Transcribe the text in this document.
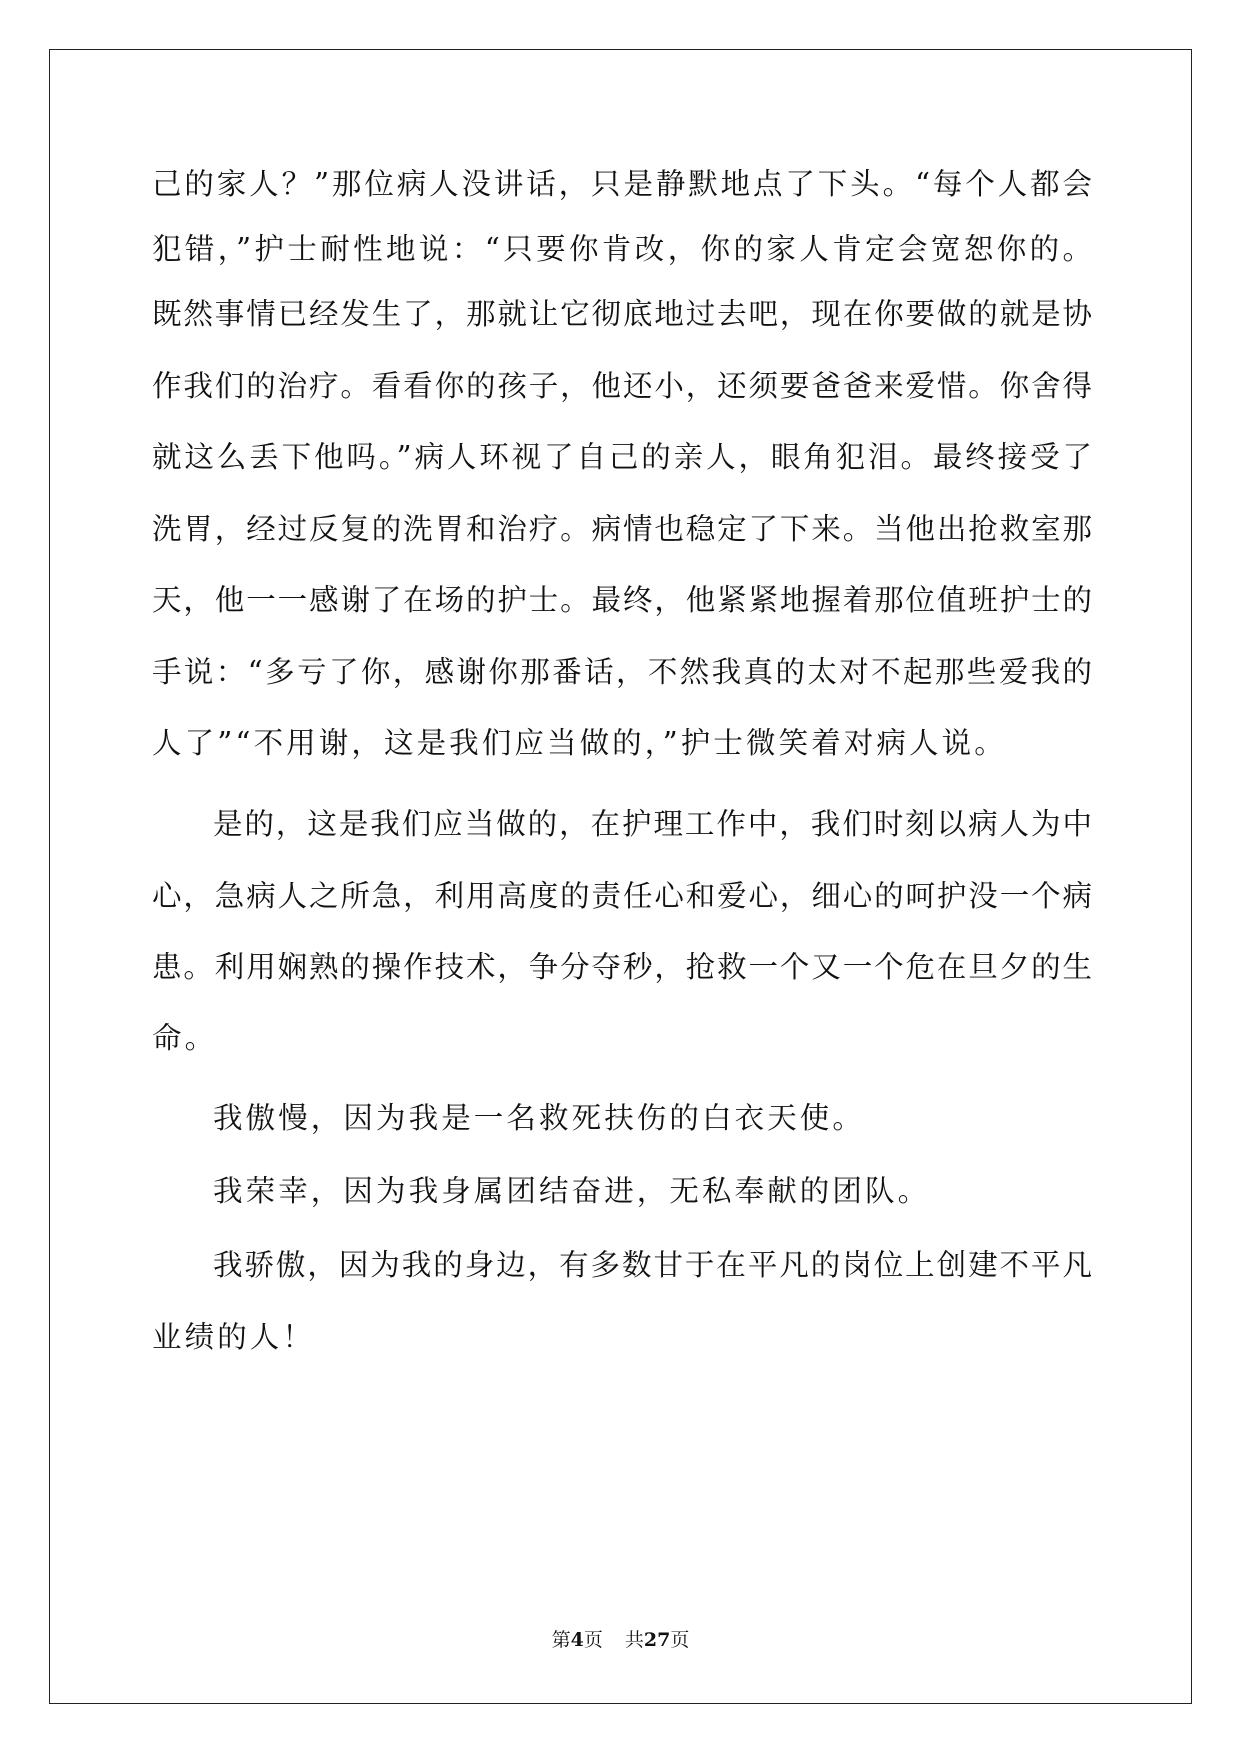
己的家人？”那位病人没讲话，只是静默地点了下头。“每个人都会
犯错，”护士耐性地说：“只要你肯改，你的家人肯定会宽恕你的。
既然事情已经发生了，那就让它彻底地过去吧，现在你要做的就是协
作我们的治疗。看看你的孩子，他还小，还须要爸爸来爱惜。你舍得
就这么丢下他吗。”病人环视了自己的亲人，眼角犯泪。最终接受了
洗胃，经过反复的洗胃和治疗。病情也稳定了下来。当他出抢救室那
天，他一一感谢了在场的护士。最终，他紧紧地握着那位值班护士的
手说：“多亏了你，感谢你那番话，不然我真的太对不起那些爱我的
人了”“不用谢，这是我们应当做的，”护士微笑着对病人说。
是的，这是我们应当做的，在护理工作中，我们时刻以病人为中
心，急病人之所急，利用高度的责任心和爱心，细心的呵护没一个病
患。利用娴熟的操作技术，争分夺秒，抢救一个又一个危在旦夕的生
命。
我傲慢，因为我是一名救死扶伤的白衣天使。
我荣幸，因为我身属团结奋进，无私奉献的团队。
我骄傲，因为我的身边，有多数甘于在平凡的岗位上创建不平凡
业绩的人！
第4页 共27页
